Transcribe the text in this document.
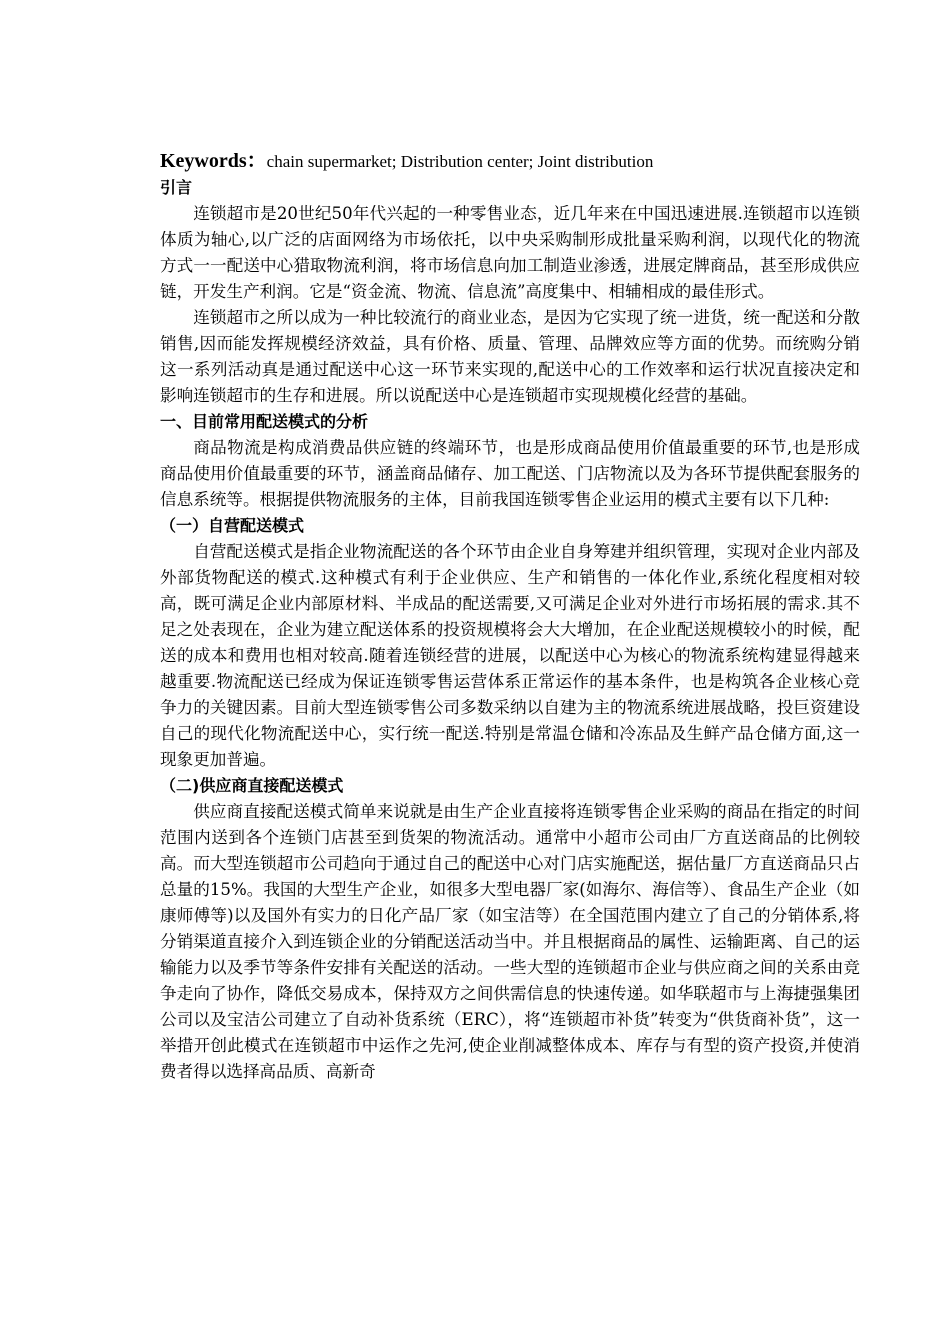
Keywords：chain supermarket; Distribution center; Joint distribution
引言

连锁超市是20世纪50年代兴起的一种零售业态，近几年来在中国迅速进展.连锁超市以连锁体质为轴心,以广泛的店面网络为市场依托，以中央采购制形成批量采购利润，以现代化的物流方式一一配送中心猎取物流利润，将市场信息向加工制造业渗透，进展定牌商品，甚至形成供应链，开发生产利润。它是“资金流、物流、信息流”高度集中、相辅相成的最佳形式。

连锁超市之所以成为一种比较流行的商业业态，是因为它实现了统一进货，统一配送和分散销售,因而能发挥规模经济效益，具有价格、质量、管理、品牌效应等方面的优势。而统购分销这一系列活动真是通过配送中心这一环节来实现的,配送中心的工作效率和运行状况直接决定和影响连锁超市的生存和进展。所以说配送中心是连锁超市实现规模化经营的基础。

一、目前常用配送模式的分析

商品物流是构成消费品供应链的终端环节，也是形成商品使用价值最重要的环节,也是形成商品使用价值最重要的环节，涵盖商品储存、加工配送、门店物流以及为各环节提供配套服务的信息系统等。根据提供物流服务的主体，目前我国连锁零售企业运用的模式主要有以下几种:

（一）自营配送模式

自营配送模式是指企业物流配送的各个环节由企业自身筹建并组织管理，实现对企业内部及外部货物配送的模式.这种模式有利于企业供应、生产和销售的一体化作业,系统化程度相对较高，既可满足企业内部原材料、半成品的配送需要,又可满足企业对外进行市场拓展的需求.其不足之处表现在，企业为建立配送体系的投资规模将会大大增加，在企业配送规模较小的时候，配送的成本和费用也相对较高.随着连锁经营的进展，以配送中心为核心的物流系统构建显得越来越重要.物流配送已经成为保证连锁零售运营体系正常运作的基本条件，也是构筑各企业核心竞争力的关键因素。目前大型连锁零售公司多数采纳以自建为主的物流系统进展战略，投巨资建设自己的现代化物流配送中心，实行统一配送.特别是常温仓储和冷冻品及生鲜产品仓储方面,这一现象更加普遍。

（二)供应商直接配送模式

供应商直接配送模式简单来说就是由生产企业直接将连锁零售企业采购的商品在指定的时间范围内送到各个连锁门店甚至到货架的物流活动。通常中小超市公司由厂方直送商品的比例较高。而大型连锁超市公司趋向于通过自己的配送中心对门店实施配送，据估量厂方直送商品只占总量的15%。我国的大型生产企业，如很多大型电器厂家(如海尔、海信等）、食品生产企业（如康师傅等)以及国外有实力的日化产品厂家（如宝洁等）在全国范围内建立了自己的分销体系,将分销渠道直接介入到连锁企业的分销配送活动当中。并且根据商品的属性、运输距离、自己的运输能力以及季节等条件安排有关配送的活动。一些大型的连锁超市企业与供应商之间的关系由竞争走向了协作，降低交易成本，保持双方之间供需信息的快速传递。如华联超市与上海捷强集团公司以及宝洁公司建立了自动补货系统（ERC），将“连锁超市补货”转变为“供货商补货”，这一举措开创此模式在连锁超市中运作之先河,使企业削减整体成本、库存与有型的资产投资,并使消费者得以选择高品质、高新奇
